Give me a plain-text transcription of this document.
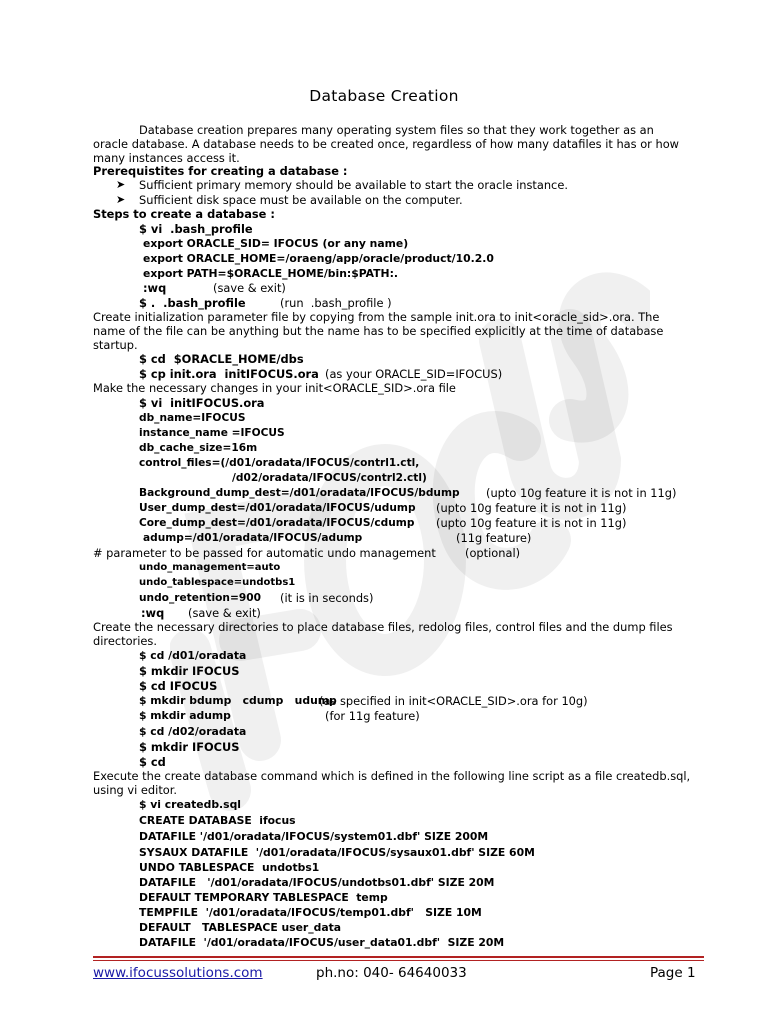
Database Creation
Database creation prepares many operating system files so that they work together as an
oracle database. A database needs to be created once, regardless of how many datafiles it has or how
many instances access it.
Prerequistites for creating a database :
➤ Sufficient primary memory should be available to start the oracle instance.
➤ Sufficient disk space must be available on the computer.
Steps to create a database :
$ vi  .bash_profile
export ORACLE_SID= IFOCUS (or any name)
export ORACLE_HOME=/oraeng/app/oracle/product/10.2.0
export PATH=$ORACLE_HOME/bin:$PATH:.
:wq	(save & exit)
$ .  .bash_profile	(run  .bash_profile )
Create initialization parameter file by copying from the sample init.ora to init<oracle_sid>.ora. The
name of the file can be anything but the name has to be specified explicitly at the time of database
startup.
$ cd  $ORACLE_HOME/dbs
$ cp init.ora  initIFOCUS.ora (as your ORACLE_SID=IFOCUS)
Make the necessary changes in your init<ORACLE_SID>.ora file
$ vi  initIFOCUS.ora
db_name=IFOCUS
instance_name =IFOCUS
db_cache_size=16m
control_files=(/d01/oradata/IFOCUS/contrl1.ctl,
/d02/oradata/IFOCUS/contrl2.ctl)
Background_dump_dest=/d01/oradata/IFOCUS/bdump (upto 10g feature it is not in 11g)
User_dump_dest=/d01/oradata/IFOCUS/udump (upto 10g feature it is not in 11g)
Core_dump_dest=/d01/oradata/IFOCUS/cdump (upto 10g feature it is not in 11g)
adump=/d01/oradata/IFOCUS/adump	(11g feature)
# parameter to be passed for automatic undo management	(optional)
undo_management=auto
undo_tablespace=undotbs1
undo_retention=900 (it is in seconds)
:wq (save & exit)
Create the necessary directories to place database files, redolog files, control files and the dump files
directories.
$ cd /d01/oradata
$ mkdir IFOCUS
$ cd IFOCUS
$ mkdir bdump   cdump   udump
(as specified in init<ORACLE_SID>.ora for 10g)
$ mkdir adump	(for 11g feature)
$ cd /d02/oradata
$ mkdir IFOCUS
$ cd
Execute the create database command which is defined in the following line script as a file createdb.sql,
using vi editor.
$ vi createdb.sql
CREATE DATABASE  ifocus
DATAFILE '/d01/oradata/IFOCUS/system01.dbf' SIZE 200M
SYSAUX DATAFILE  '/d01/oradata/IFOCUS/sysaux01.dbf' SIZE 60M
UNDO TABLESPACE  undotbs1
DATAFILE   '/d01/oradata/IFOCUS/undotbs01.dbf' SIZE 20M
DEFAULT TEMPORARY TABLESPACE  temp
TEMPFILE  '/d01/oradata/IFOCUS/temp01.dbf'   SIZE 10M
DEFAULT   TABLESPACE user_data
DATAFILE  '/d01/oradata/IFOCUS/user_data01.dbf'  SIZE 20M
www.ifocussolutions.com	ph.no: 040- 64640033	Page 1
